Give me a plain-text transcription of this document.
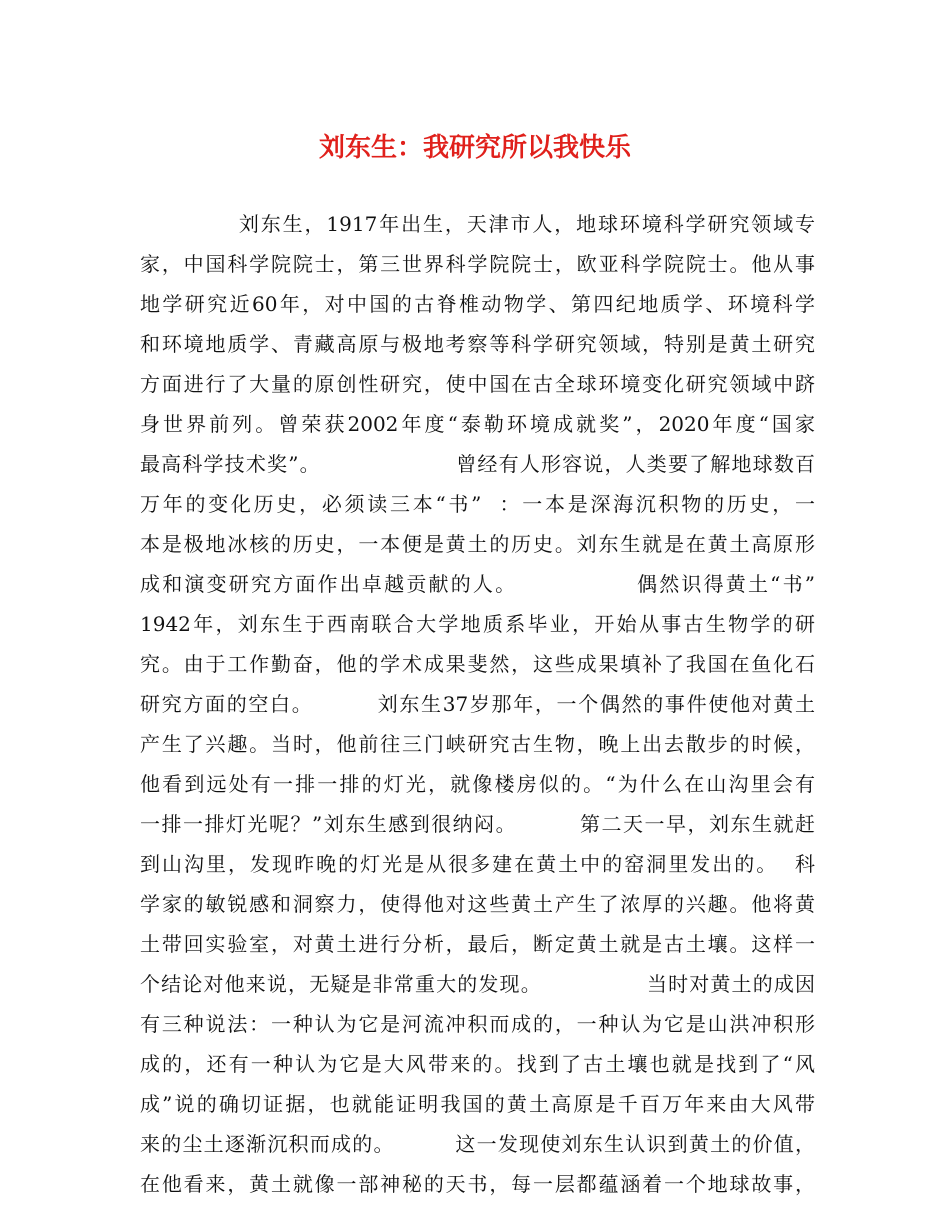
刘东生：我研究所以我快乐
刘东生，1917年出生，天津市人，地球环境科学研究领域专
家，中国科学院院士，第三世界科学院院士，欧亚科学院院士。他从事
地学研究近60年，对中国的古脊椎动物学、第四纪地质学、环境科学
和环境地质学、青藏高原与极地考察等科学研究领域，特别是黄土研究
方面进行了大量的原创性研究，使中国在古全球环境变化研究领域中跻
身世界前列。曾荣获2002年度“泰勒环境成就奖”，2020年度“国家
最高科学技术奖”。                  曾经有人形容说，人类要了解地球数百
万年的变化历史，必须读三本“书”  ：一本是深海沉积物的历史，一
本是极地冰核的历史，一本便是黄土的历史。刘东生就是在黄土高原形
成和演变研究方面作出卓越贡献的人。              偶然识得黄土“书”
1942年，刘东生于西南联合大学地质系毕业，开始从事古生物学的研
究。由于工作勤奋，他的学术成果斐然，这些成果填补了我国在鱼化石
研究方面的空白。        刘东生37岁那年，一个偶然的事件使他对黄土
产生了兴趣。当时，他前往三门峡研究古生物，晚上出去散步的时候，
他看到远处有一排一排的灯光，就像楼房似的。“为什么在山沟里会有
一排一排灯光呢？”刘东生感到很纳闷。        第二天一早，刘东生就赶
到山沟里，发现昨晚的灯光是从很多建在黄土中的窑洞里发出的。  科
学家的敏锐感和洞察力，使得他对这些黄土产生了浓厚的兴趣。他将黄
土带回实验室，对黄土进行分析，最后，断定黄土就是古土壤。这样一
个结论对他来说，无疑是非常重大的发现。              当时对黄土的成因
有三种说法：一种认为它是河流冲积而成的，一种认为它是山洪冲积形
成的，还有一种认为它是大风带来的。找到了古土壤也就是找到了“风
成”说的确切证据，也就能证明我国的黄土高原是千百万年来由大风带
来的尘土逐渐沉积而成的。        这一发现使刘东生认识到黄土的价值，
在他看来，黄土就像一部神秘的天书，每一层都蕴涵着一个地球故事，
